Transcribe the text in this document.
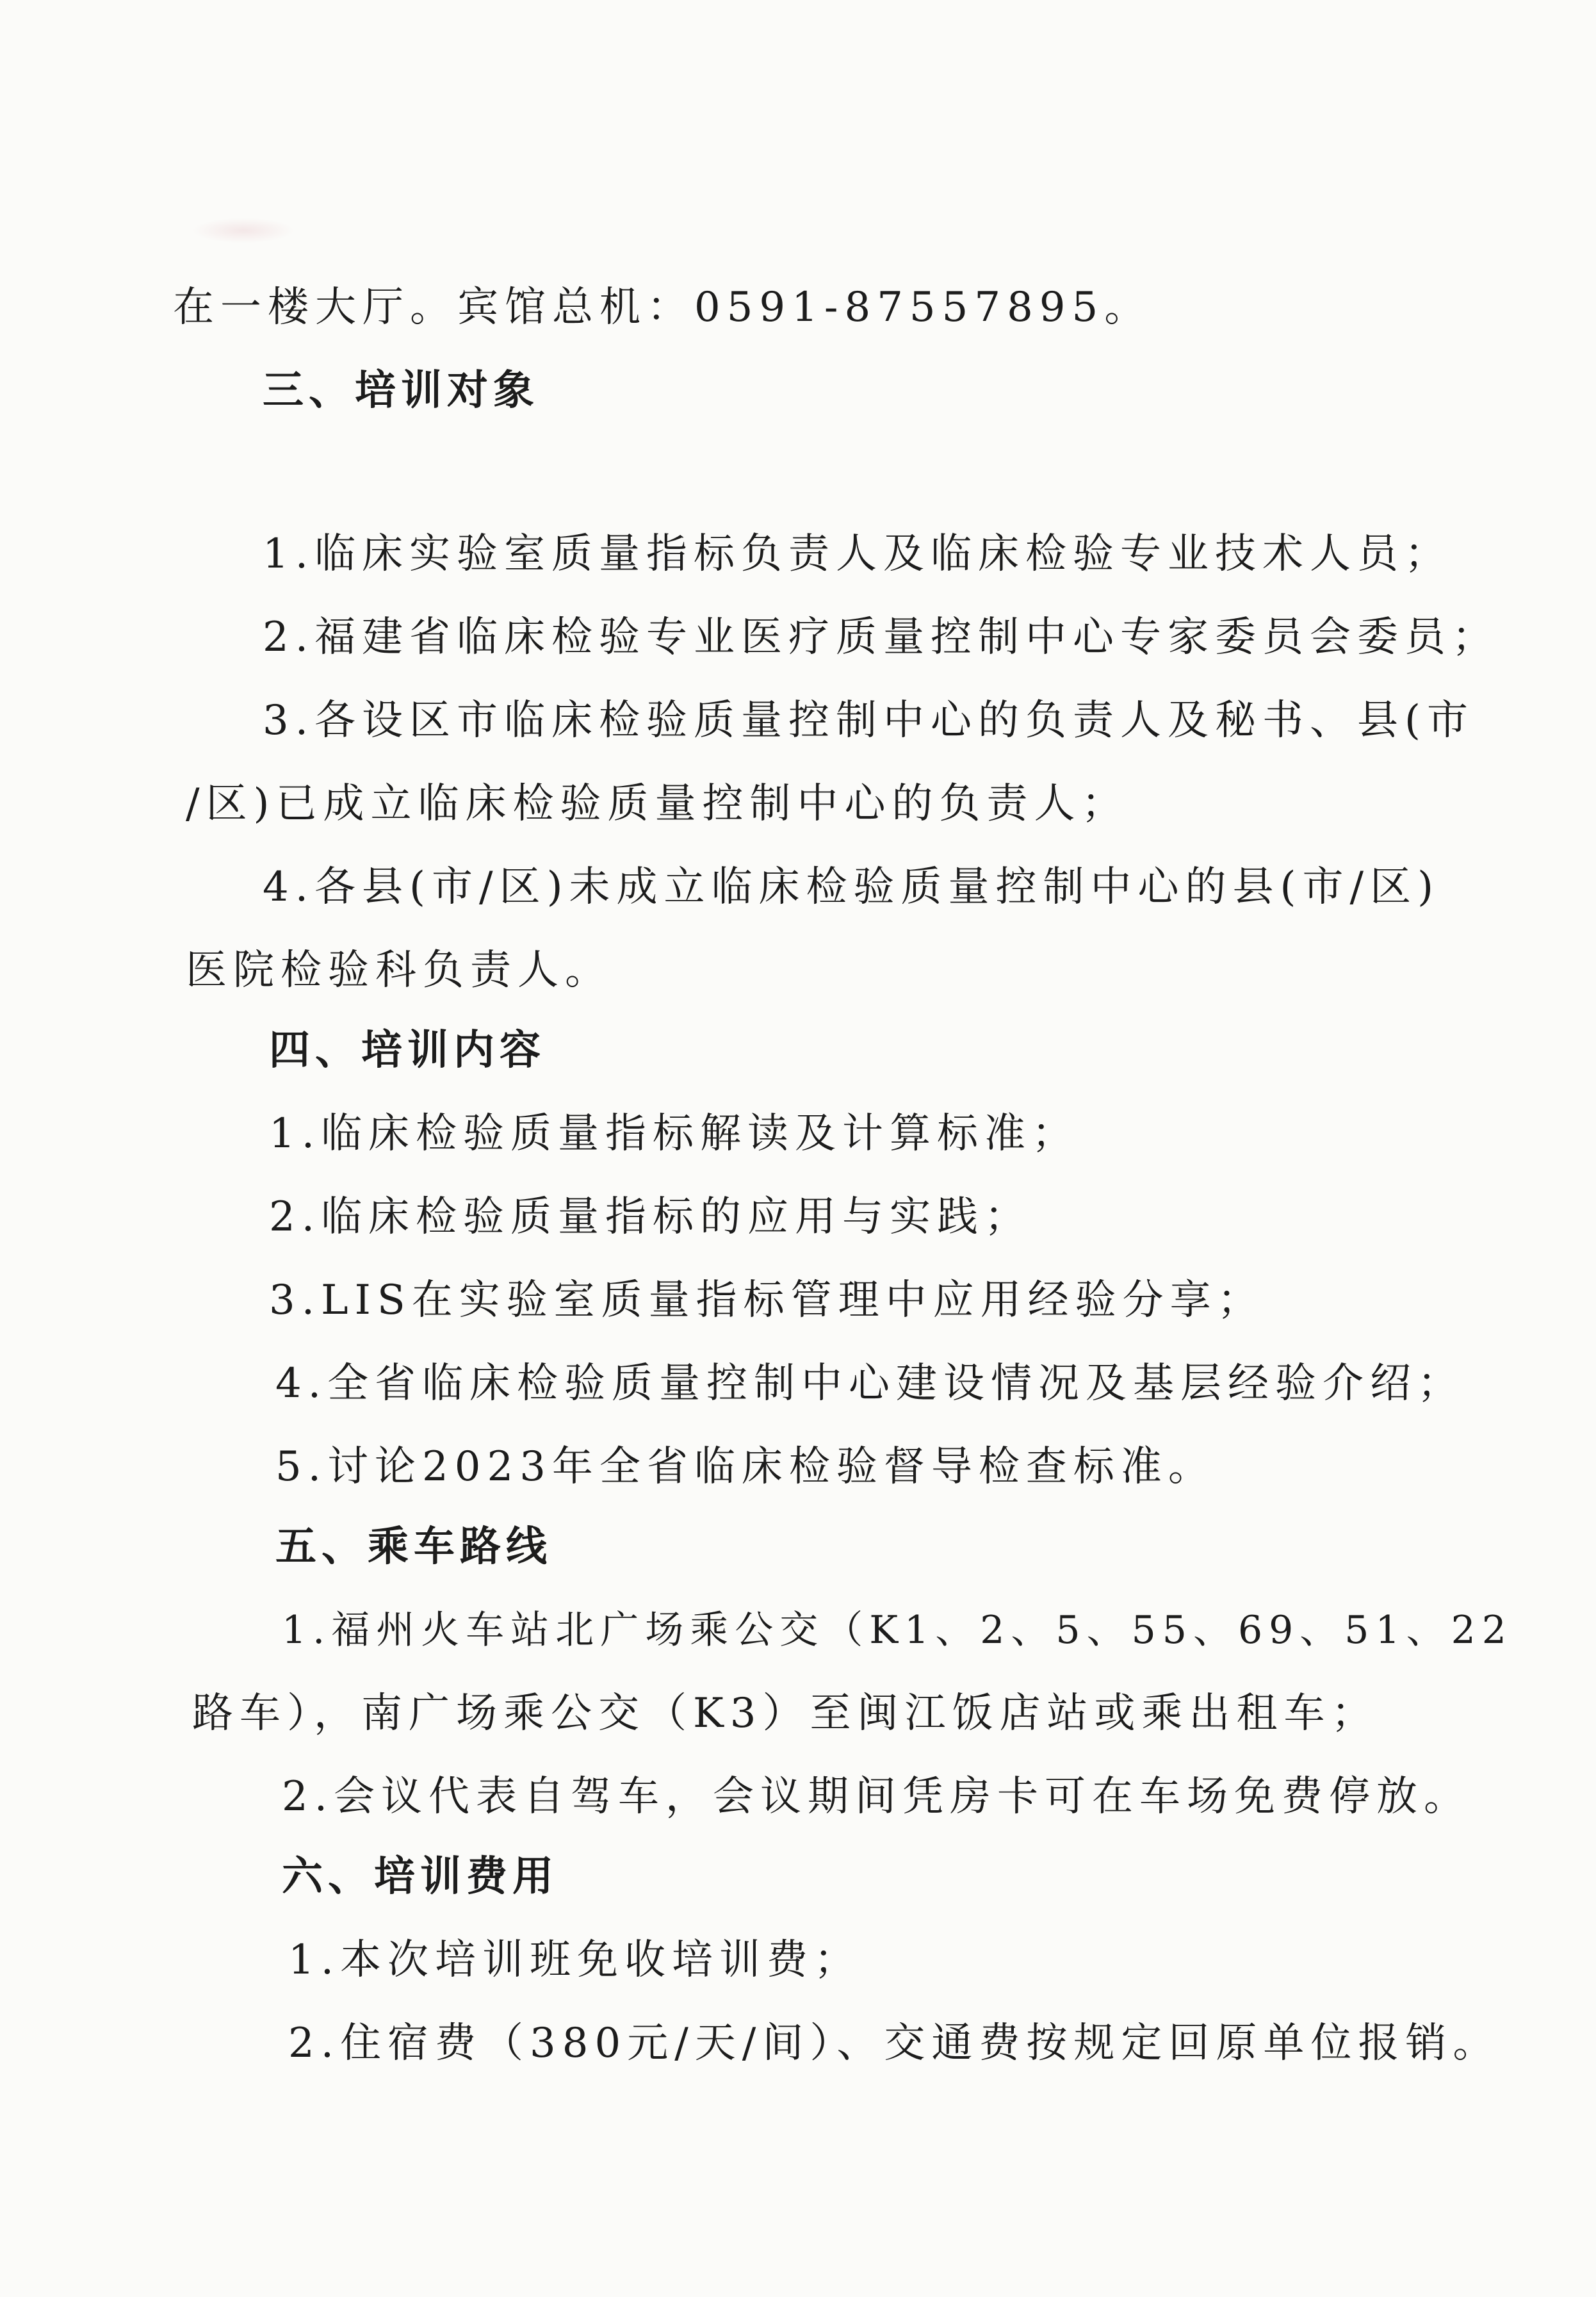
在一楼大厅。宾馆总机：0591-87557895。
三、培训对象
1.临床实验室质量指标负责人及临床检验专业技术人员；
2.福建省临床检验专业医疗质量控制中心专家委员会委员；
3.各设区市临床检验质量控制中心的负责人及秘书、县(市
/区)已成立临床检验质量控制中心的负责人；
4.各县(市/区)未成立临床检验质量控制中心的县(市/区)
医院检验科负责人。
四、培训内容
1.临床检验质量指标解读及计算标准；
2.临床检验质量指标的应用与实践；
3.LIS在实验室质量指标管理中应用经验分享；
4.全省临床检验质量控制中心建设情况及基层经验介绍；
5.讨论2023年全省临床检验督导检查标准。
五、乘车路线
1.福州火车站北广场乘公交（K1、2、5、55、69、51、22
路车），南广场乘公交（K3）至闽江饭店站或乘出租车；
2.会议代表自驾车，会议期间凭房卡可在车场免费停放。
六、培训费用
1.本次培训班免收培训费；
2.住宿费（380元/天/间）、交通费按规定回原单位报销。
